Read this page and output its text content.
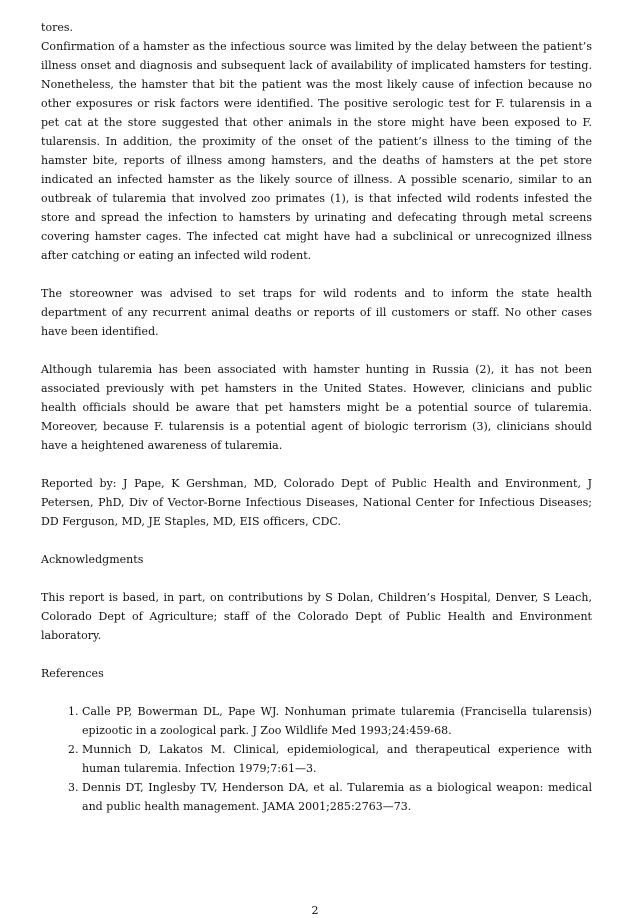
tores.

Confirmation of a hamster as the infectious source was limited by the delay between the patient’s illness onset and diagnosis and subsequent lack of availability of implicated hamsters for testing. Nonetheless, the hamster that bit the patient was the most likely cause of infection because no other exposures or risk factors were identified. The positive serologic test for F. tularensis in a pet cat at the store suggested that other animals in the store might have been exposed to F. tularensis. In addition, the proximity of the onset of the patient’s illness to the timing of the hamster bite, reports of illness among hamsters, and the deaths of hamsters at the pet store indicated an infected hamster as the likely source of illness. A possible scenario, similar to an outbreak of tularemia that involved zoo primates (1), is that infected wild rodents infested the store and spread the infection to hamsters by urinating and defecating through metal screens covering hamster cages. The infected cat might have had a subclinical or unrecognized illness after catching or eating an infected wild rodent.

The storeowner was advised to set traps for wild rodents and to inform the state health department of any recurrent animal deaths or reports of ill customers or staff. No other cases have been identified.

Although tularemia has been associated with hamster hunting in Russia (2), it has not been associated previously with pet hamsters in the United States. However, clinicians and public health officials should be aware that pet hamsters might be a potential source of tularemia. Moreover, because F. tularensis is a potential agent of biologic terrorism (3), clinicians should have a heightened awareness of tularemia.

Reported by: J Pape, K Gershman, MD, Colorado Dept of Public Health and Environment, J Petersen, PhD, Div of Vector-Borne Infectious Diseases, National Center for Infectious Diseases; DD Ferguson, MD, JE Staples, MD, EIS officers, CDC.

Acknowledgments

This report is based, in part, on contributions by S Dolan, Children’s Hospital, Denver, S Leach, Colorado Dept of Agriculture; staff of the Colorado Dept of Public Health and Environment laboratory.

References

1. Calle PP, Bowerman DL, Pape WJ. Nonhuman primate tularemia (Francisella tularensis) epizootic in a zoological park. J Zoo Wildlife Med 1993;24:459-68.
2. Munnich D, Lakatos M. Clinical, epidemiological, and therapeutical experience with human tularemia. Infection 1979;7:61—3.
3. Dennis DT, Inglesby TV, Henderson DA, et al. Tularemia as a biological weapon: medical and public health management. JAMA 2001;285:2763—73.
2
